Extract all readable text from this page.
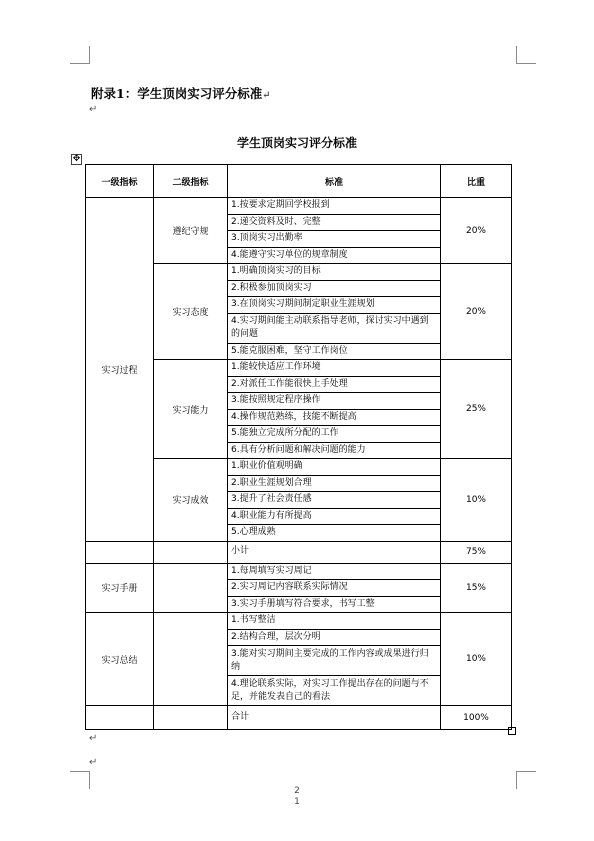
附录1：学生顶岗实习评分标准↵
↵
学生顶岗实习评分标准
✥
一级指标	二级指标	标准	比重
实习过程	遵纪守规	1.按要求定期回学校报到	20%
		2.递交资料及时、完整	
		3.顶岗实习出勤率	
		4.能遵守实习单位的规章制度	
	实习态度	1.明确顶岗实习的目标	20%
		2.积极参加顶岗实习	
		3.在顶岗实习期间制定职业生涯规划	
		4.实习期间能主动联系指导老师，探讨实习中遇到的问题	
		5.能克服困难，坚守工作岗位	
	实习能力	1.能较快适应工作环境	25%
		2.对派任工作能很快上手处理	
		3.能按照规定程序操作	
		4.操作规范熟练，技能不断提高	
		5.能独立完成所分配的工作	
		6.具有分析问题和解决问题的能力	
	实习成效	1.职业价值观明确	10%
		2.职业生涯规划合理	
		3.提升了社会责任感	
		4.职业能力有所提高	
		5.心理成熟	
		小计	75%
实习手册		1.每周填写实习周记	15%
		2.实习周记内容联系实际情况	
		3.实习手册填写符合要求，书写工整	
实习总结		1.书写整洁	10%
		2.结构合理，层次分明	
		3.能对实习期间主要完成的工作内容或成果进行归纳	
		4.理论联系实际，对实习工作提出存在的问题与不足，并能发表自己的看法	
		合计	100%
↵
↵
2
1
